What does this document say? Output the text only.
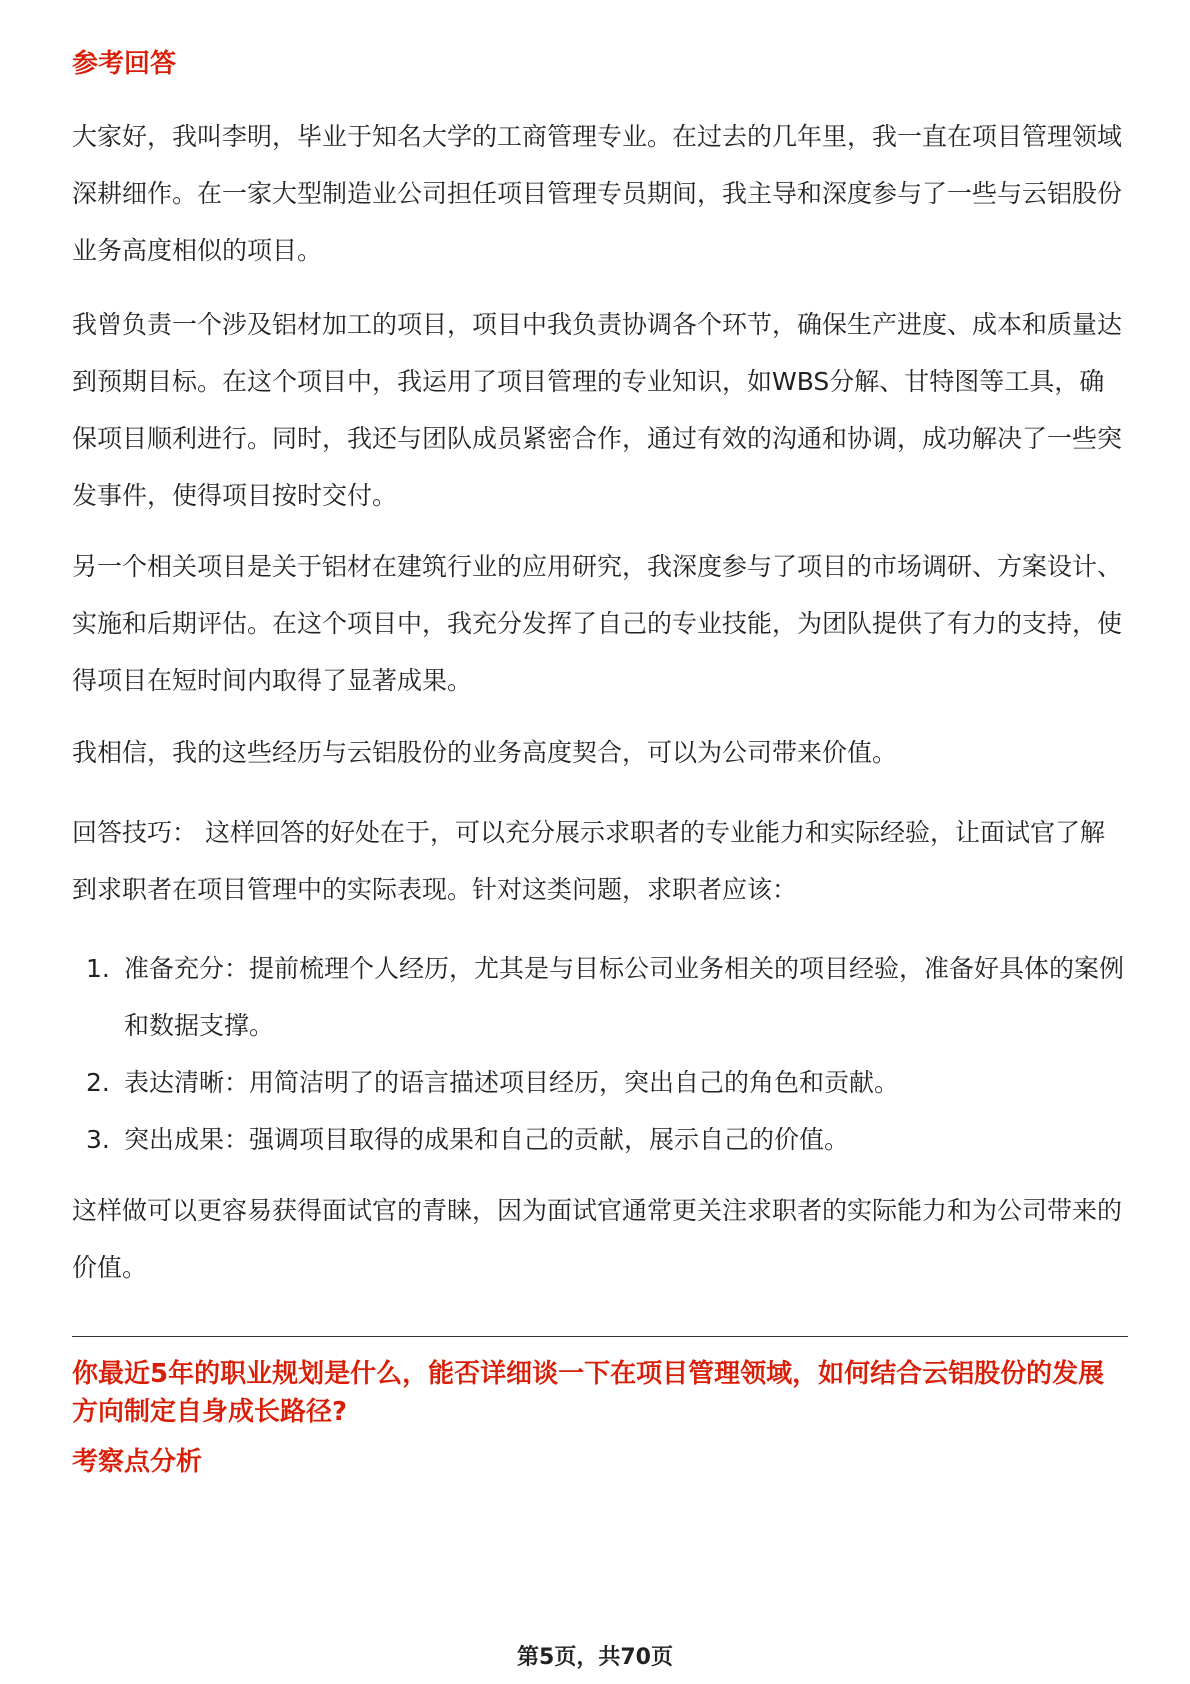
参考回答
大家好，我叫李明，毕业于知名大学的工商管理专业。在过去的几年里，我一直在项目管理领域深耕细作。在一家大型制造业公司担任项目管理专员期间，我主导和深度参与了一些与云铝股份业务高度相似的项目。
我曾负责一个涉及铝材加工的项目，项目中我负责协调各个环节，确保生产进度、成本和质量达到预期目标。在这个项目中，我运用了项目管理的专业知识，如WBS分解、甘特图等工具，确保项目顺利进行。同时，我还与团队成员紧密合作，通过有效的沟通和协调，成功解决了一些突发事件，使得项目按时交付。
另一个相关项目是关于铝材在建筑行业的应用研究，我深度参与了项目的市场调研、方案设计、实施和后期评估。在这个项目中，我充分发挥了自己的专业技能，为团队提供了有力的支持，使得项目在短时间内取得了显著成果。
我相信，我的这些经历与云铝股份的业务高度契合，可以为公司带来价值。
回答技巧： 这样回答的好处在于，可以充分展示求职者的专业能力和实际经验，让面试官了解到求职者在项目管理中的实际表现。针对这类问题，求职者应该：
1. 准备充分：提前梳理个人经历，尤其是与目标公司业务相关的项目经验，准备好具体的案例和数据支撑。
2. 表达清晰：用简洁明了的语言描述项目经历，突出自己的角色和贡献。
3. 突出成果：强调项目取得的成果和自己的贡献，展示自己的价值。
这样做可以更容易获得面试官的青睐，因为面试官通常更关注求职者的实际能力和为公司带来的价值。
你最近5年的职业规划是什么，能否详细谈一下在项目管理领域，如何结合云铝股份的发展方向制定自身成长路径?
考察点分析
第5页，共70页
